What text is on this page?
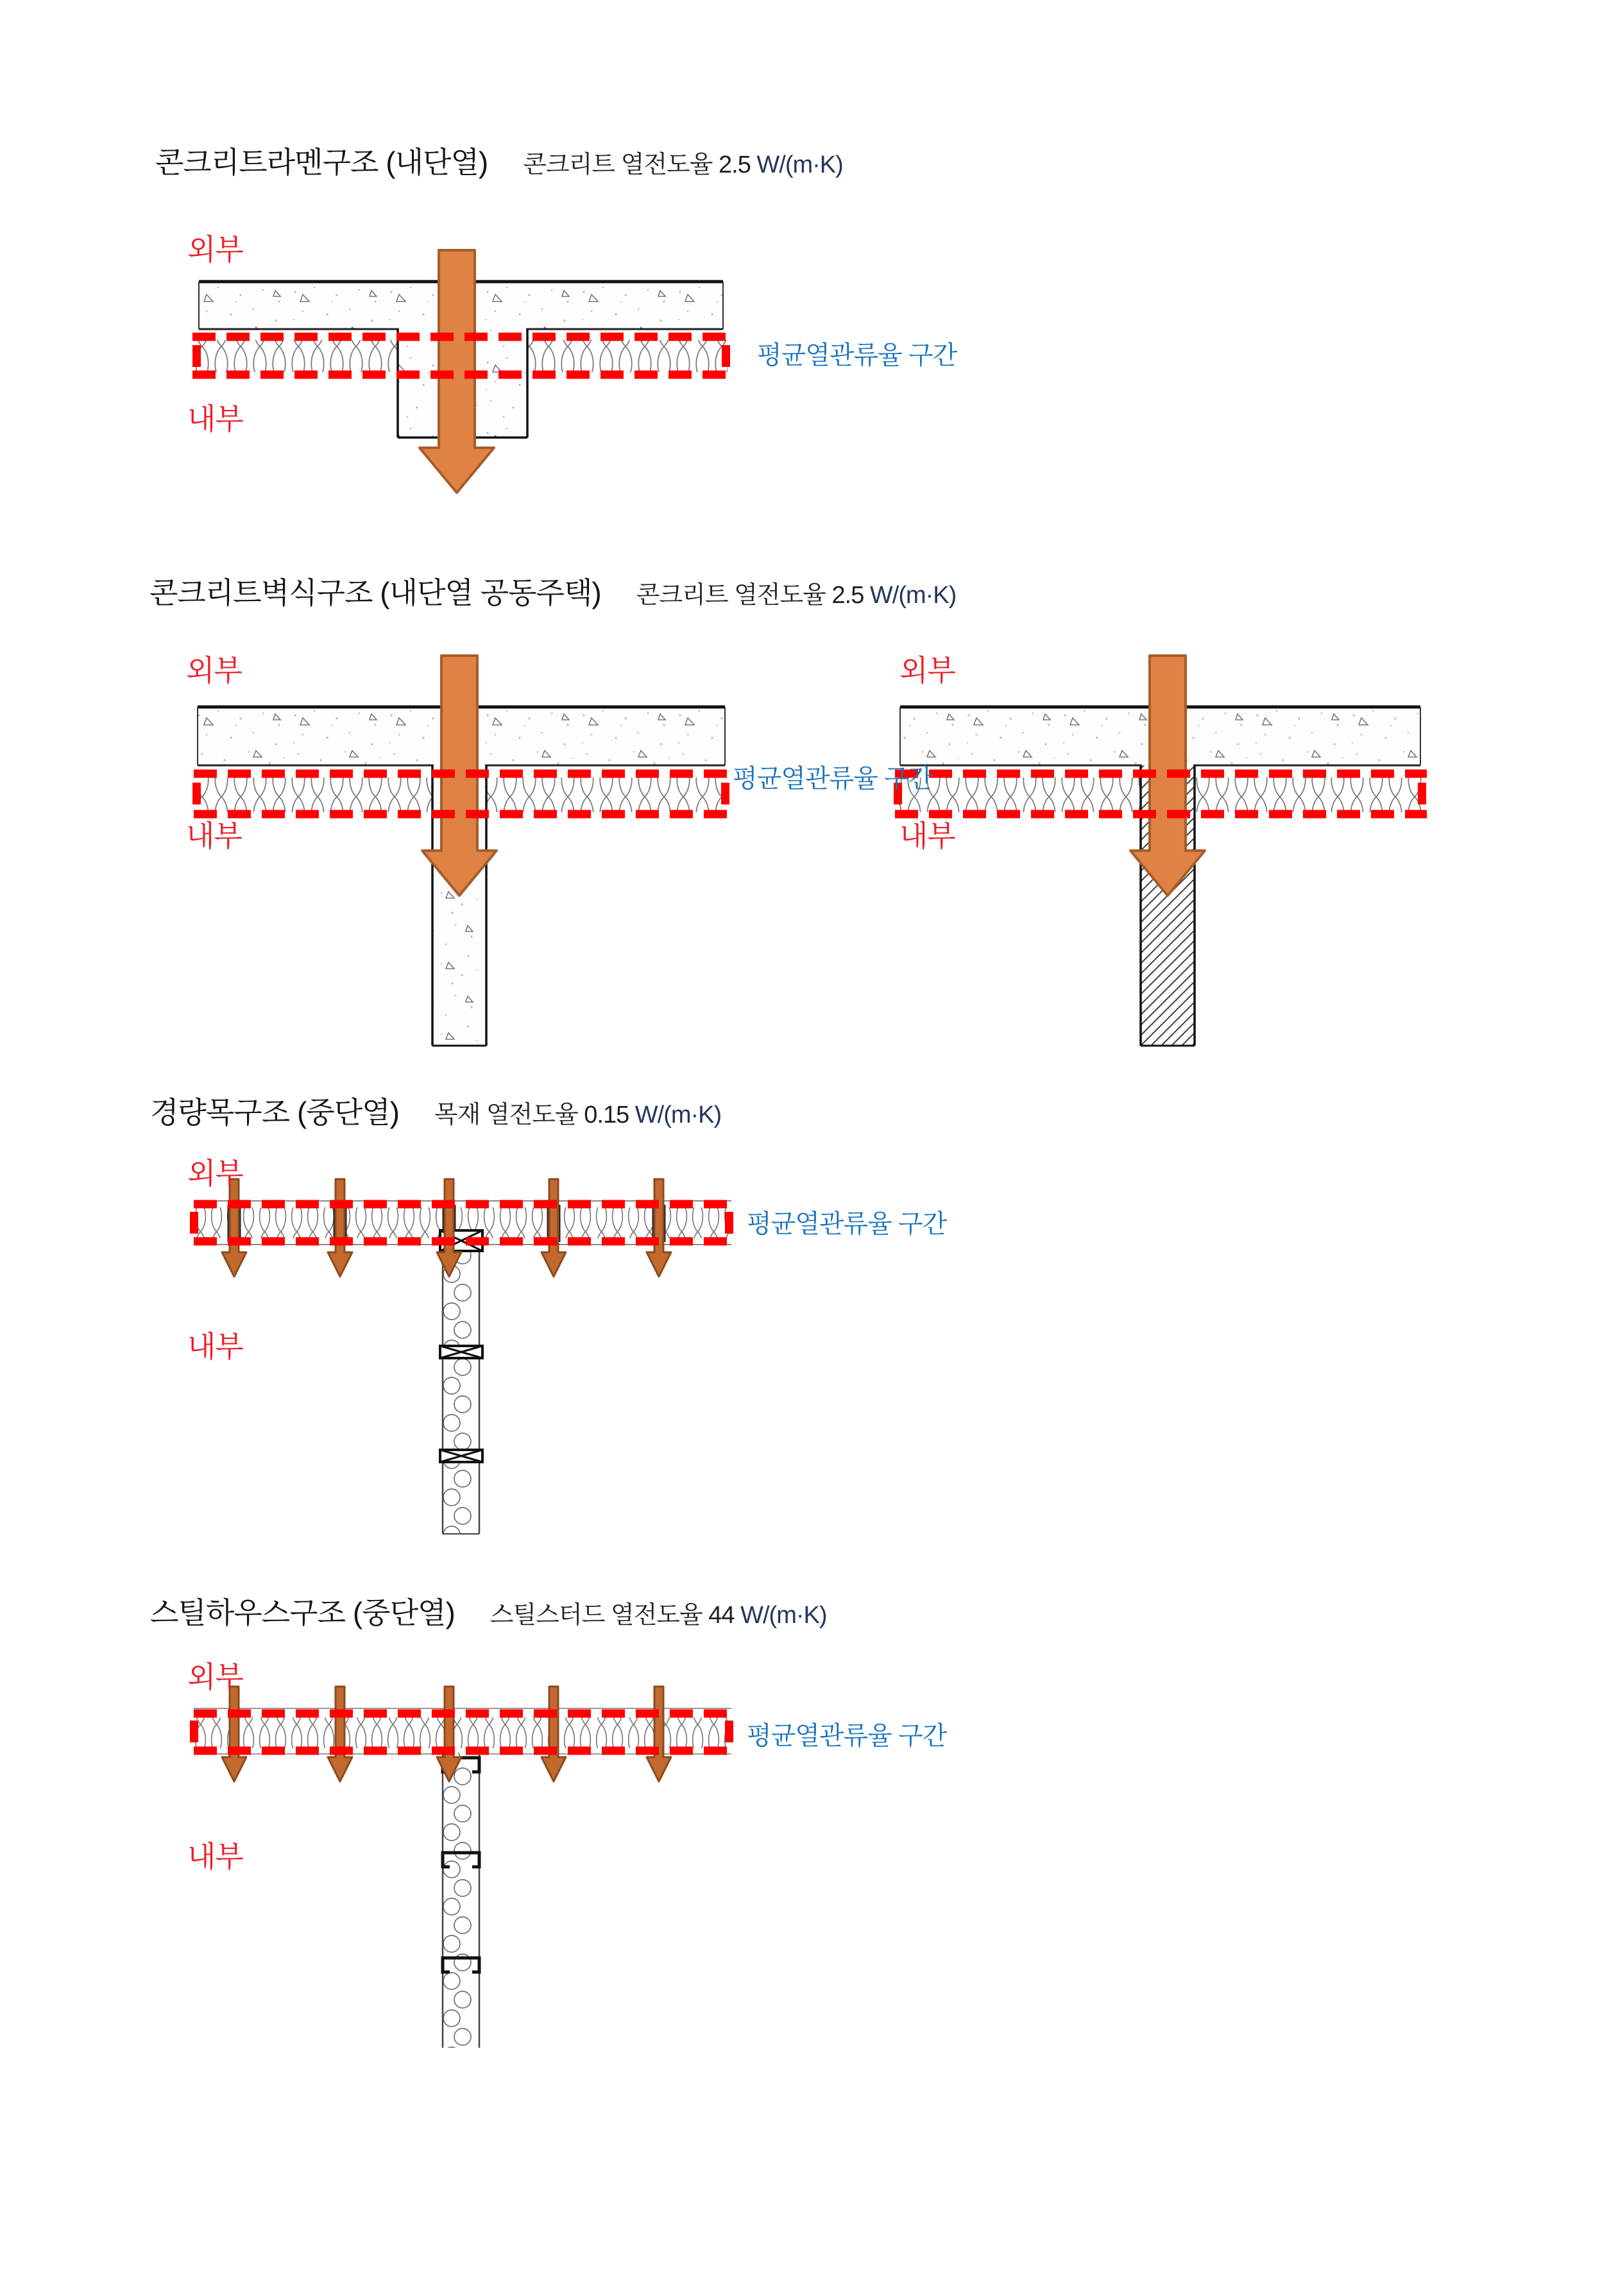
콘크리트라멘구조 (내단열) 콘크리트 열전도율 2.5 W/(m·K)
외부
내부
평균열관류율 구간
콘크리트벽식구조 (내단열 공동주택) 콘크리트 열전도율 2.5 W/(m·K)
외부
내부
외부
내부
평균열관류율 구간
경량목구조 (중단열) 목재 열전도율 0.15 W/(m·K)
외부
내부
평균열관류율 구간
스틸하우스구조 (중단열) 스틸스터드 열전도율 44 W/(m·K)
외부
내부
평균열관류율 구간
